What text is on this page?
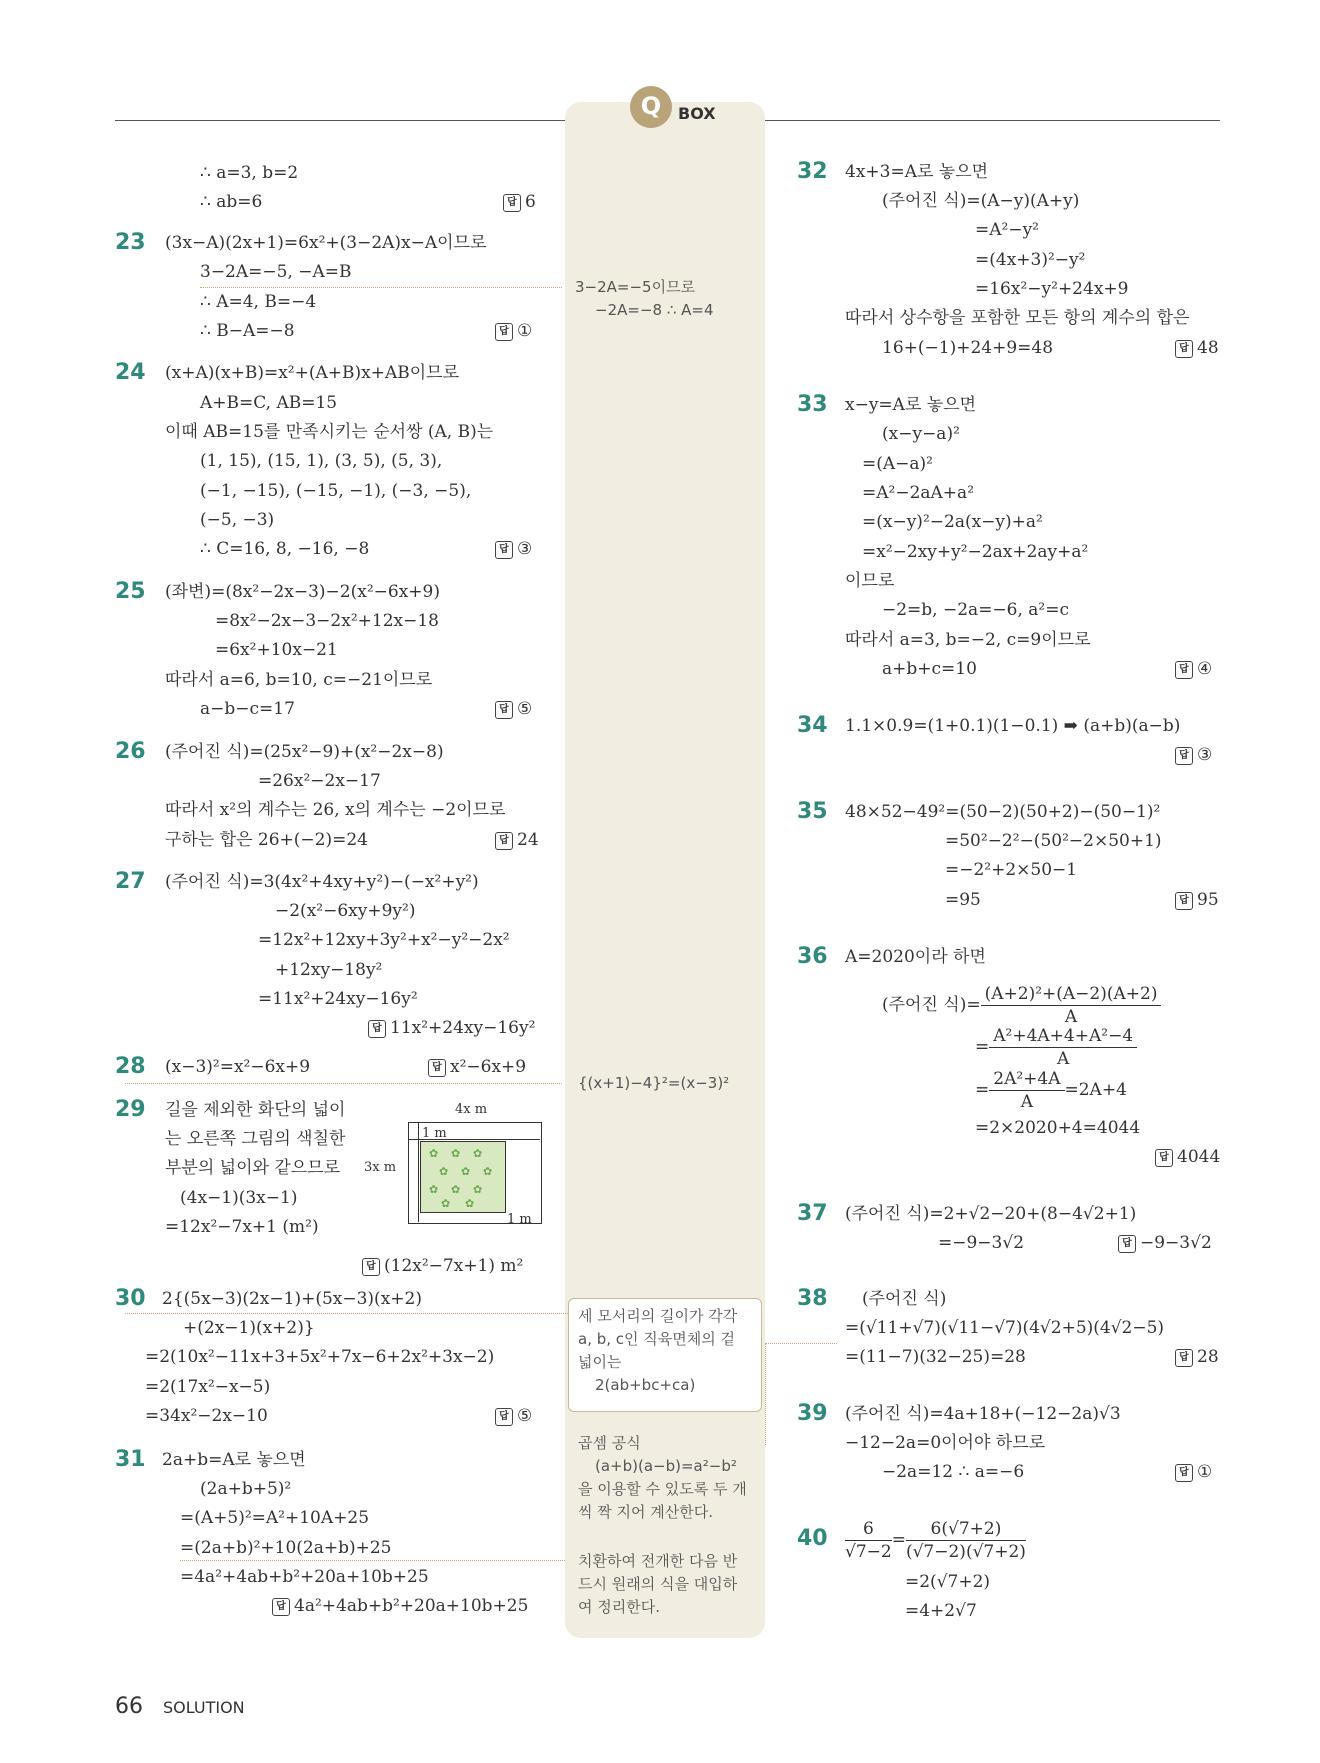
Q	BOX
∴ a=3, b=2
∴ ab=6	답 6
23 (3x−A)(2x+1)=6x²+(3−2A)x−A이므로
3−2A=−5, −A=B
∴ A=4, B=−4
∴ B−A=−8	답 ①
24 (x+A)(x+B)=x²+(A+B)x+AB이므로
A+B=C, AB=15
이때 AB=15를 만족시키는 순서쌍 (A, B)는
(1, 15), (15, 1), (3, 5), (5, 3),
(−1, −15), (−15, −1), (−3, −5),
(−5, −3)
∴ C=16, 8, −16, −8	답 ③
25 (좌변)=(8x²−2x−3)−2(x²−6x+9)
=8x²−2x−3−2x²+12x−18
=6x²+10x−21
따라서 a=6, b=10, c=−21이므로
a−b−c=17	답 ⑤
26 (주어진 식)=(25x²−9)+(x²−2x−8)
=26x²−2x−17
따라서 x²의 계수는 26, x의 계수는 −2이므로
구하는 합은 26+(−2)=24	답 24
27 (주어진 식)=3(4x²+4xy+y²)−(−x²+y²)
−2(x²−6xy+9y²)
=12x²+12xy+3y²+x²−y²−2x²
+12xy−18y²
=11x²+24xy−16y²
답 11x²+24xy−16y²
28 (x−3)²=x²−6x+9	답 x²−6x+9
29 길을 제외한 화단의 넓이
는 오른쪽 그림의 색칠한
부분의 넓이와 같으므로
(4x−1)(3x−1)
=12x²−7x+1 (m²)
4x m
3x m
1 m
1 m
✿ ✿ ✿
✿ ✿ ✿
✿ ✿ ✿
✿ ✿
답 (12x²−7x+1) m²
30 2{(5x−3)(2x−1)+(5x−3)(x+2)
+(2x−1)(x+2)}
=2(10x²−11x+3+5x²+7x−6+2x²+3x−2)
=2(17x²−x−5)
=34x²−2x−10	답 ⑤
31 2a+b=A로 놓으면
(2a+b+5)²
=(A+5)²=A²+10A+25
=(2a+b)²+10(2a+b)+25
=4a²+4ab+b²+20a+10b+25
답 4a²+4ab+b²+20a+10b+25
3−2A=−5이므로
−2A=−8 ∴ A=4
{(x+1)−4}²=(x−3)²
세 모서리의 길이가 각각
a, b, c인 직육면체의 겉
넓이는
2(ab+bc+ca)
곱셈 공식
(a+b)(a−b)=a²−b²
을 이용할 수 있도록 두 개
씩 짝 지어 계산한다.
치환하여 전개한 다음 반
드시 원래의 식을 대입하
여 정리한다.
32 4x+3=A로 놓으면
(주어진 식)=(A−y)(A+y)
=A²−y²
=(4x+3)²−y²
=16x²−y²+24x+9
따라서 상수항을 포함한 모든 항의 계수의 합은
16+(−1)+24+9=48	답 48
33 x−y=A로 놓으면
(x−y−a)²
=(A−a)²
=A²−2aA+a²
=(x−y)²−2a(x−y)+a²
=x²−2xy+y²−2ax+2ay+a²
이므로
−2=b, −2a=−6, a²=c
따라서 a=3, b=−2, c=9이므로
a+b+c=10	답 ④
34 1.1×0.9=(1+0.1)(1−0.1) ➡ (a+b)(a−b)
답 ③
35 48×52−49²=(50−2)(50+2)−(50−1)²
=50²−2²−(50²−2×50+1)
=−2²+2×50−1
=95	답 95
36 A=2020이라 하면
(주어진 식)= $\frac{\text{(A+2)²+(A−2)(A+2)}}{A}$
= $\frac{\text{A²+4A+4+A²−4}}{A}$
= $\frac{\text{2A²+4A}}{A} =2A+4$
=2×2020+4=4044
답 4044
37 (주어진 식)=2+√2−20+(8−4√2+1)
=−9−3√2	답 −9−3√2
38 (주어진 식)
=(√11+√7)(√11−√7)(4√2+5)(4√2−5)
=(11−7)(32−25)=28	답 28
39 (주어진 식)=4a+18+(−12−2a)√3
−12−2a=0이어야 하므로
−2a=12 ∴ a=−6	답 ①
$40 \frac{6}{√7-2} = \frac{6(√7+2)}{(√7-2)(√7+2)}$
=2(√7+2)
=4+2√7
66 SOLUTION
